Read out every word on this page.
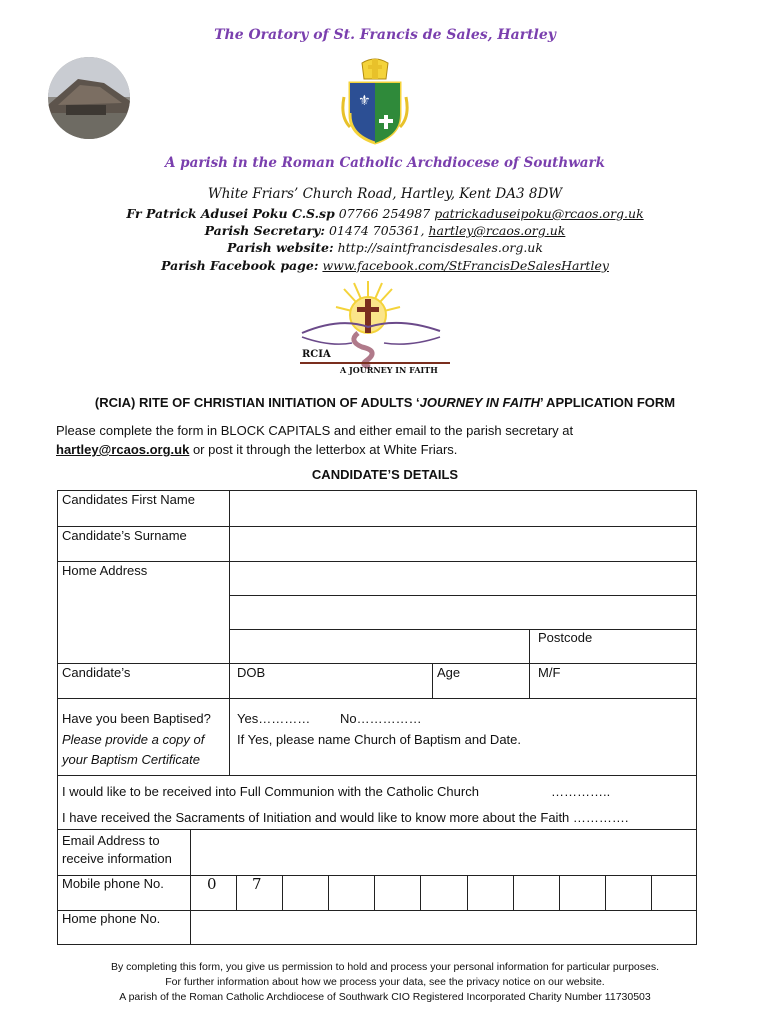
The Oratory of St. Francis de Sales, Hartley
⚜
A parish in the Roman Catholic Archdiocese of Southwark
White Friars’ Church Road, Hartley, Kent DA3 8DW
Fr Patrick Adusei Poku C.S.sp 07766 254987 patrickaduseipoku@rcaos.org.uk
Parish Secretary: 01474 705361, hartley@rcaos.org.uk
Parish website: http://saintfrancisdesales.org.uk
Parish Facebook page: www.facebook.com/StFrancisDeSalesHartley
RCIA
A JOURNEY IN FAITH
(RCIA) RITE OF CHRISTIAN INITIATION OF ADULTS ‘JOURNEY IN FAITH’ APPLICATION FORM
Please complete the form in BLOCK CAPITALS and either email to the parish secretary at
hartley@rcaos.org.uk or post it through the letterbox at White Friars.
CANDIDATE’S DETAILS
Candidates First Name
Candidate’s Surname
Home Address
Postcode
Candidate’s	DOB	Age	M/F
Have you been Baptised?
Please provide a copy of
your Baptism Certificate
Yes………… No……………
If Yes, please name Church of Baptism and Date.
I would like to be received into Full Communion with the Catholic Church	…………..
I have received the Sacraments of Initiation and would like to know more about the Faith ………….
Email Address to
receive information
Mobile phone No.	0 7
Home phone No.
By completing this form, you give us permission to hold and process your personal information for particular purposes.
For further information about how we process your data, see the privacy notice on our website.
A parish of the Roman Catholic Archdiocese of Southwark CIO Registered Incorporated Charity Number 11730503
